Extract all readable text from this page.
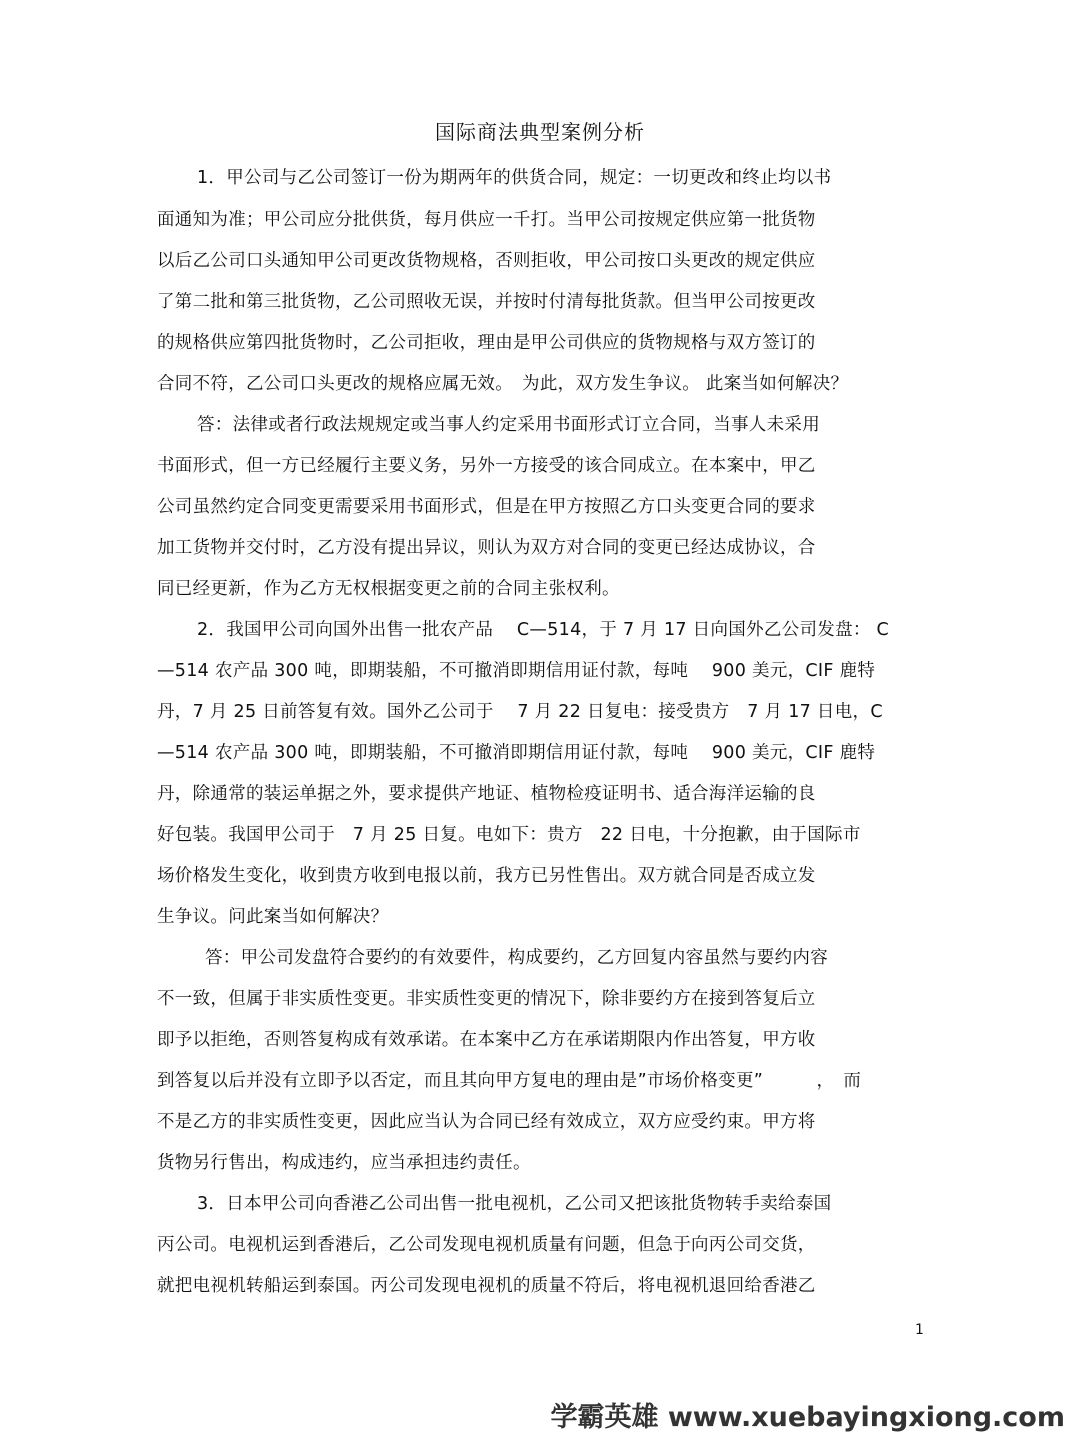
国际商法典型案例分析
1．甲公司与乙公司签订一份为期两年的供货合同，规定：一切更改和终止均以书
面通知为准；甲公司应分批供货，每月供应一千打。当甲公司按规定供应第一批货物
以后乙公司口头通知甲公司更改货物规格，否则拒收，甲公司按口头更改的规定供应
了第二批和第三批货物，乙公司照收无误，并按时付清每批货款。但当甲公司按更改
的规格供应第四批货物时，乙公司拒收，理由是甲公司供应的货物规格与双方签订的
合同不符，乙公司口头更改的规格应属无效。　为此，双方发生争议。 此案当如何解决？
答：法律或者行政法规规定或当事人约定采用书面形式订立合同，当事人未采用
书面形式，但一方已经履行主要义务，另外一方接受的该合同成立。在本案中，甲乙
公司虽然约定合同变更需要采用书面形式，但是在甲方按照乙方口头变更合同的要求
加工货物并交付时，乙方没有提出异议，则认为双方对合同的变更已经达成协议，合
同已经更新，作为乙方无权根据变更之前的合同主张权利。
2．我国甲公司向国外出售一批农产品　 C—514，于 7 月 17 日向国外乙公司发盘： C
—514 农产品 300 吨，即期装船，不可撤消即期信用证付款，每吨　 900 美元，CIF 鹿特
丹，7 月 25 日前答复有效。国外乙公司于　 7 月 22 日复电：接受贵方　7 月 17 日电，C
—514 农产品 300 吨，即期装船，不可撤消即期信用证付款，每吨　 900 美元，CIF 鹿特
丹，除通常的装运单据之外，要求提供产地证、植物检疫证明书、适合海洋运输的良
好包装。我国甲公司于　7 月 25 日复。电如下：贵方　22 日电，十分抱歉，由于国际市
场价格发生变化，收到贵方收到电报以前，我方已另性售出。双方就合同是否成立发
生争议。问此案当如何解决？
答：甲公司发盘符合要约的有效要件，构成要约，乙方回复内容虽然与要约内容
不一致，但属于非实质性变更。非实质性变更的情况下，除非要约方在接到答复后立
即予以拒绝，否则答复构成有效承诺。在本案中乙方在承诺期限内作出答复，甲方收
到答复以后并没有立即予以否定，而且其向甲方复电的理由是”市场价格变更”　　　，　而
不是乙方的非实质性变更，因此应当认为合同已经有效成立，双方应受约束。甲方将
货物另行售出，构成违约，应当承担违约责任。
3．日本甲公司向香港乙公司出售一批电视机，乙公司又把该批货物转手卖给泰国
丙公司。电视机运到香港后，乙公司发现电视机质量有问题，但急于向丙公司交货，
就把电视机转船运到泰国。丙公司发现电视机的质量不符后，将电视机退回给香港乙
1
学霸英雄 www.xuebayingxiong.com
